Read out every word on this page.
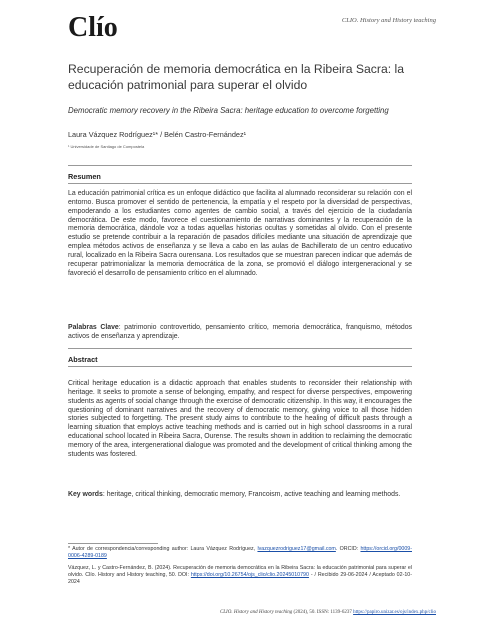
Clío	CLIO. History and History teaching
Recuperación de memoria democrática en la Ribeira Sacra: la educación patrimonial para superar el olvido
Democratic memory recovery in the Ribeira Sacra: heritage education to overcome forgetting
Laura Vázquez Rodríguez¹* / Belén Castro-Fernández¹
¹ Universidade de Santiago de Compostela
Resumen

La educación patrimonial crítica es un enfoque didáctico que facilita al alumnado reconsiderar su relación con el entorno. Busca promover el sentido de pertenencia, la empatía y el respeto por la diversidad de perspectivas, empoderando a los estudiantes como agentes de cambio social, a través del ejercicio de la ciudadanía democrática. De este modo, favorece el cuestionamiento de narrativas dominantes y la recuperación de la memoria democrática, dándole voz a todas aquellas historias ocultas y sometidas al olvido. Con el presente estudio se pretende contribuir a la reparación de pasados difíciles mediante una situación de aprendizaje que emplea métodos activos de enseñanza y se lleva a cabo en las aulas de Bachillerato de un centro educativo rural, localizado en la Ribeira Sacra ourensana. Los resultados que se muestran parecen indicar que además de recuperar patrimonializar la memoria democrática de la zona, se promovió el diálogo intergeneracional y se favoreció el desarrollo de pensamiento crítico en el alumnado.

Palabras Clave: patrimonio controvertido, pensamiento crítico, memoria democrática, franquismo, métodos activos de enseñanza y aprendizaje.

Abstract

Critical heritage education is a didactic approach that enables students to reconsider their relationship with heritage. It seeks to promote a sense of belonging, empathy, and respect for diverse perspectives, empowering students as agents of social change through the exercise of democratic citizenship. In this way, it encourages the questioning of dominant narratives and the recovery of democratic memory, giving voice to all those hidden stories subjected to forgetting. The present study aims to contribute to the healing of difficult pasts through a learning situation that employs active teaching methods and is carried out in high school classrooms in a rural educational school located in Ribeira Sacra, Ourense. The results shown in addition to reclaiming the democratic memory of the area, intergenerational dialogue was promoted and the development of critical thinking among the students was fostered.

Key words: heritage, critical thinking, democratic memory, Francoism, active teaching and learning methods.

* Autor de correspondencia/corresponding author: Laura Vázquez Rodríguez, lvazquezrodriguez17@gmail.com. ORCID: https://orcid.org/0009-0006-4289-0189

Vázquez, L. y Castro-Fernández, B. (2024). Recuperación de memoria democrática en la Ribeira Sacra: la educación patrimonial para superar el olvido. Clío. History and History teaching, 50. DOI: https://doi.org/10.26754/ojs_clio/clio.20245010790 - / Recibido 29-06-2024 / Aceptado 02-10-2024

CLIO. History and History teaching (2024), 50. ISSN: 1139-6237 https://papiro.unizar.es/ojs/index.php/clio
